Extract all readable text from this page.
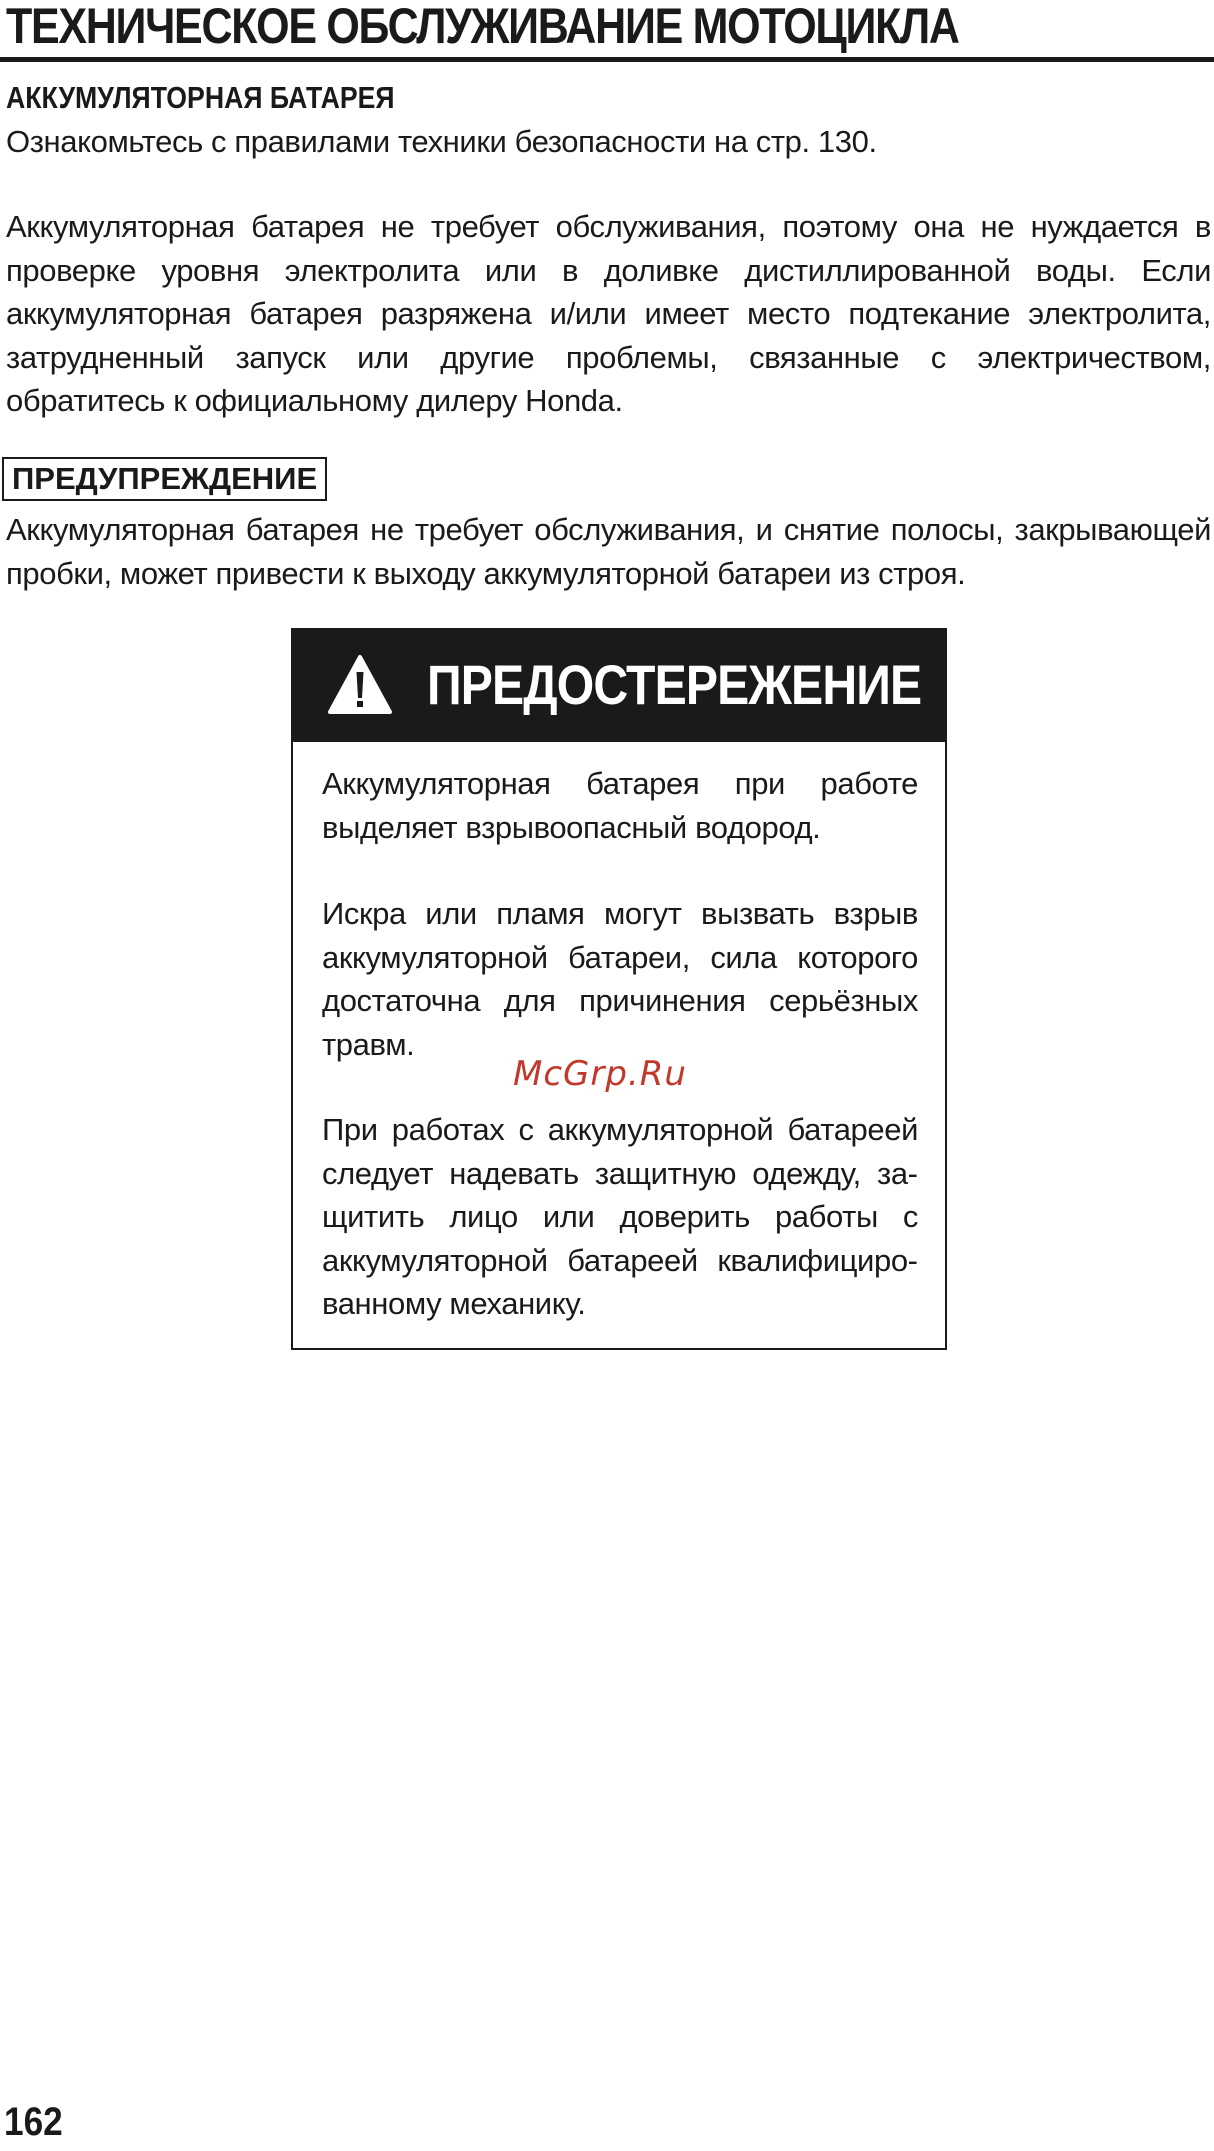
ТЕХНИЧЕСКОЕ ОБСЛУЖИВАНИЕ МОТОЦИКЛА
АККУМУЛЯТОРНАЯ БАТАРЕЯ
Ознакомьтесь с правилами техники безопасности на стр. 130.
Аккумуляторная батарея не требует обслуживания, поэтому она не нуждается в проверке уровня электролита или в доливке дистиллированной воды. Если аккумуляторная батарея разряжена и/или имеет место подтекание электролита, затрудненный запуск или другие проблемы, связанные с электричеством, обратитесь к официальному дилеру Honda.
ПРЕДУПРЕЖДЕНИЕ
Аккумуляторная батарея не требует обслуживания, и снятие полосы, закрывающей пробки, может привести к выходу аккумуляторной батареи из строя.
ПРЕДОСТЕРЕЖЕНИЕ
Аккумуляторная батарея при работе выделяет взрывоопасный водород.
Искра или пламя могут вызвать взрыв аккумуляторной батареи, сила которого достаточна для причинения серьёзных травм.
При работах с аккумуляторной батареей следует надевать защитную одежду, защитить лицо или доверить работы с аккумуляторной батареей квалифицированному механику.
McGrp.Ru
162
